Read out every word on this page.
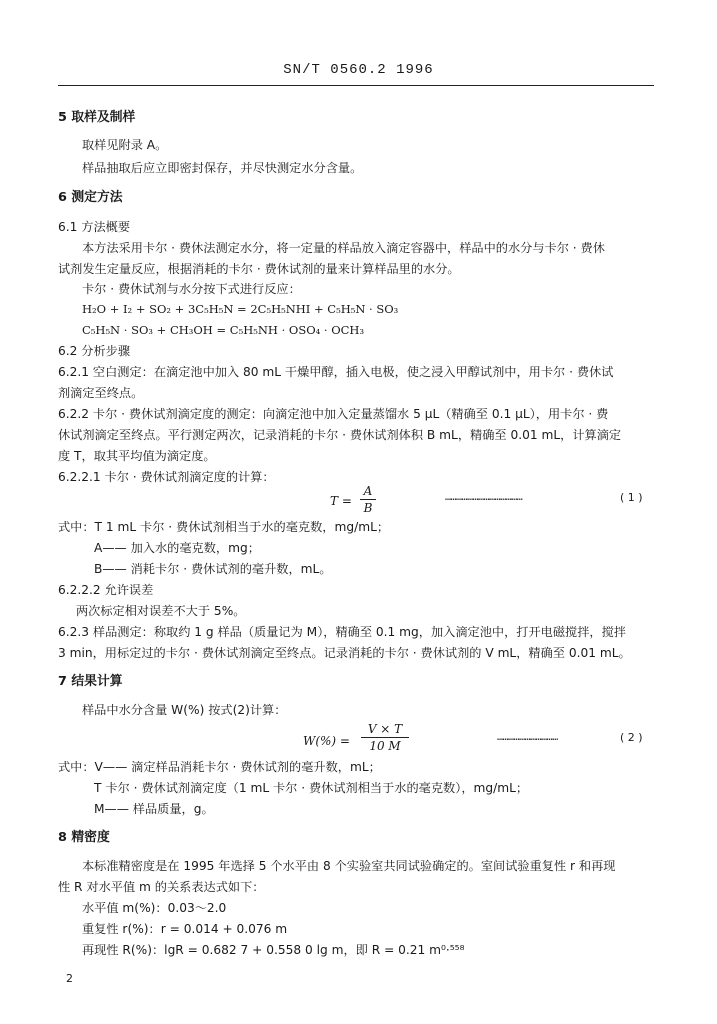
SN/T 0560.2 1996
5 取样及制样
取样见附录 A。
样品抽取后应立即密封保存，并尽快测定水分含量。
6 测定方法
6.1 方法概要
本方法采用卡尔 · 费休法测定水分，将一定量的样品放入滴定容器中，样品中的水分与卡尔 · 费休
试剂发生定量反应，根据消耗的卡尔 · 费休试剂的量来计算样品里的水分。
卡尔 · 费休试剂与水分按下式进行反应：
H₂O + I₂ + SO₂ + 3C₅H₅N = 2C₅H₅NHI + C₅H₅N · SO₃
C₅H₅N · SO₃ + CH₃OH = C₅H₅NH · OSO₄ · OCH₃
6.2 分析步骤
6.2.1 空白测定：在滴定池中加入 80 mL 干燥甲醇，插入电极，使之浸入甲醇试剂中，用卡尔 · 费休试
剂滴定至终点。
6.2.2 卡尔 · 费休试剂滴定度的测定：向滴定池中加入定量蒸馏水 5 μL（精确至 0.1 μL），用卡尔 · 费
休试剂滴定至终点。平行测定两次，记录消耗的卡尔 · 费休试剂体积 B mL，精确至 0.01 mL，计算滴定
度 T，取其平均值为滴定度。
6.2.2.1 卡尔 · 费休试剂滴定度的计算：
T =
A
B
……………………………………	( 1 )
式中：T 1 mL 卡尔 · 费休试剂相当于水的毫克数，mg/mL；
A—— 加入水的毫克数，mg；
B—— 消耗卡尔 · 费休试剂的毫升数，mL。
6.2.2.2 允许误差
两次标定相对误差不大于 5%。
6.2.3 样品测定：称取约 1 g 样品（质量记为 M），精确至 0.1 mg，加入滴定池中，打开电磁搅拌，搅拌
3 min，用标定过的卡尔 · 费休试剂滴定至终点。记录消耗的卡尔 · 费休试剂的 V mL，精确至 0.01 mL。
7 结果计算
样品中水分含量 W(%) 按式(2)计算：
W(%) =
V × T
10 M
……………………………	( 2 )
式中：V—— 滴定样品消耗卡尔 · 费休试剂的毫升数，mL；
T 卡尔 · 费休试剂滴定度（1 mL 卡尔 · 费休试剂相当于水的毫克数），mg/mL；
M—— 样品质量，g。
8 精密度
本标准精密度是在 1995 年选择 5 个水平由 8 个实验室共同试验确定的。室间试验重复性 r 和再现
性 R 对水平值 m 的关系表达式如下：
水平值 m(%)：0.03～2.0
重复性 r(%)：r = 0.014 + 0.076 m
再现性 R(%)：lgR = 0.682 7 + 0.558 0 lg m，即 R = 0.21 m⁰·⁵⁵⁸
2
